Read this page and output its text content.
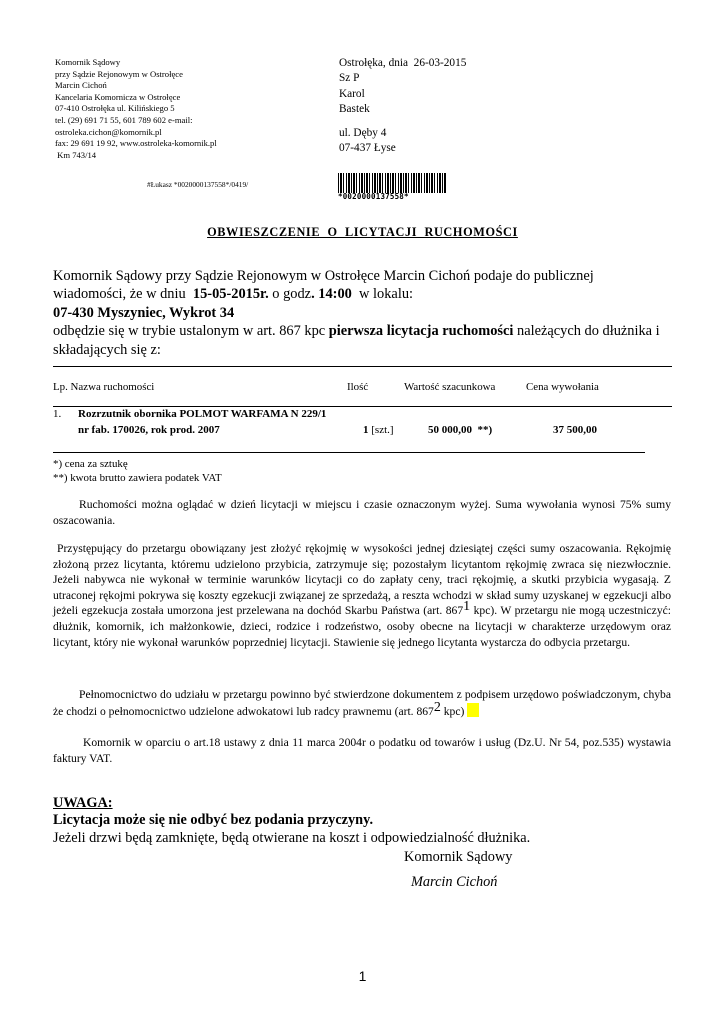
Komornik Sądowy
przy Sądzie Rejonowym w Ostrołęce
Marcin Cichoń
Kancelaria Komornicza w Ostrołęce
07-410 Ostrołęka ul. Kilińskiego 5
tel. (29) 691 71 55, 601 789 602 e-mail:
ostroleka.cichon@komornik.pl
fax: 29 691 19 92, www.ostroleka-komornik.pl
Km 743/14
Ostrołęka, dnia  26-03-2015
Sz P
Karol
Bastek
ul. Dęby 4
07-437 Łyse
#Łukasz *0020000137558*/0419/
*0020000137558*
OBWIESZCZENIE  O  LICYTACJI  RUCHOMOŚCI

Komornik Sądowy przy Sądzie Rejonowym w Ostrołęce Marcin Cichoń podaje do publicznej

wiadomości, że w dniu  15-05-2015r. o godz. 14:00  w lokalu:

07-430 Myszyniec, Wykrot 34

odbędzie się w trybie ustalonym w art. 867 kpc pierwsza licytacja ruchomości należących do dłużnika i

składających się z:

Lp. Nazwa ruchomości	Ilość	Wartość szacunkowa	Cena wywołania
1. Rozrzutnik obornika POLMOT WARFAMA N 229/1
nr fab. 170026, rok prod. 2007	1 [szt.]	50 000,00  **)	37 500,00
*) cena za sztukę
**) kwota brutto zawiera podatek VAT

Ruchomości można oglądać w dzień licytacji w miejscu i czasie oznaczonym wyżej. Suma wywołania wynosi 75% sumy oszacowania.

Przystępujący do przetargu obowiązany jest złożyć rękojmię w wysokości jednej dziesiątej części sumy oszacowania. Rękojmię złożoną przez licytanta, któremu udzielono przybicia, zatrzymuje się; pozostałym licytantom rękojmię zwraca się niezwłocznie. Jeżeli nabywca nie wykonał w terminie warunków licytacji co do zapłaty ceny, traci rękojmię, a skutki przybicia wygasają. Z utraconej rękojmi pokrywa się koszty egzekucji związanej ze sprzedażą, a reszta wchodzi w skład sumy uzyskanej w egzekucji albo jeżeli egzekucja została umorzona jest przelewana na dochód Skarbu Państwa (art. 8671 kpc). W przetargu nie mogą uczestniczyć: dłużnik, komornik, ich małżonkowie, dzieci, rodzice i rodzeństwo, osoby obecne na licytacji w charakterze urzędowym oraz licytant, który nie wykonał warunków poprzedniej licytacji. Stawienie się jednego licytanta wystarcza do odbycia przetargu.

Pełnomocnictwo do udziału w przetargu powinno być stwierdzone dokumentem z podpisem urzędowo poświadczonym, chyba że chodzi o pełnomocnictwo udzielone adwokatowi lub radcy prawnemu (art. 8672 kpc)

Komornik w oparciu o art.18 ustawy z dnia 11 marca 2004r o podatku od towarów i usług (Dz.U. Nr 54, poz.535) wystawia faktury VAT.

UWAGA:
Licytacja może się nie odbyć bez podania przyczyny.
Jeżeli drzwi będą zamknięte, będą otwierane na koszt i odpowiedzialność dłużnika.
Komornik Sądowy
Marcin Cichoń
1
